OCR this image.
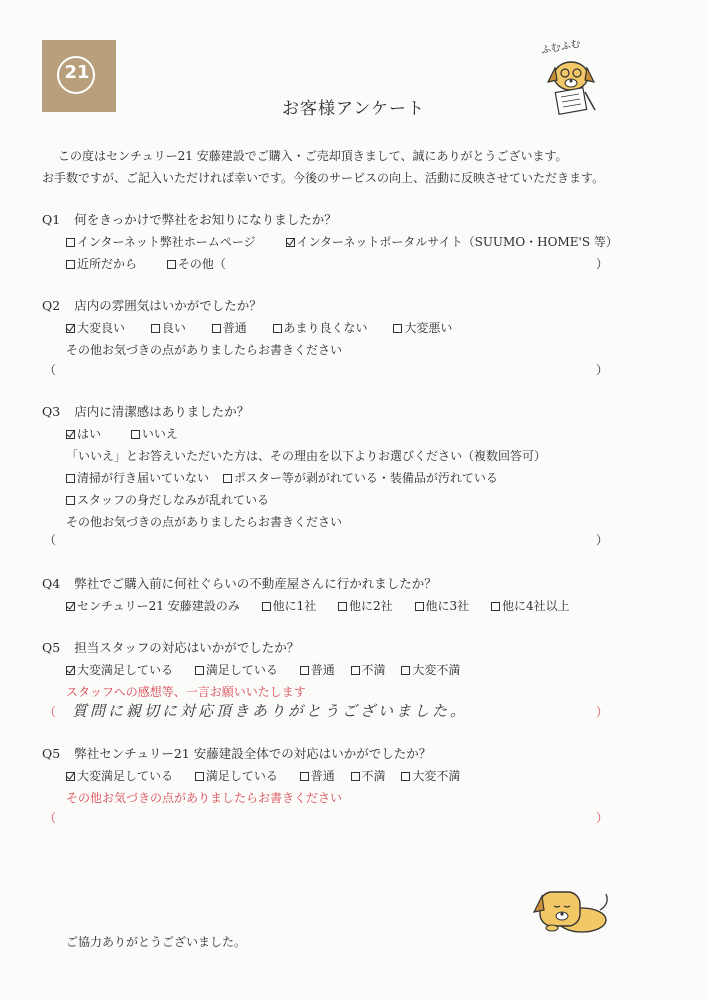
21
ふむふむ
お客様アンケート
この度はセンチュリー21 安藤建設でご購入・ご売却頂きまして、誠にありがとうございます。
お手数ですが、ご記入いただければ幸いです。今後のサービスの向上、活動に反映させていただきます。
Q1 何をきっかけで弊社をお知りになりましたか？
インターネット弊社ホームページ	インターネットポータルサイト（SUUMO・HOME'S 等）
近所だから	その他（	）
Q2 店内の雰囲気はいかがでしたか？
大変良い	良い	普通	あまり良くない	大変悪い
その他お気づきの点がありましたらお書きください
（	）
Q3 店内に清潔感はありましたか？
はい	いいえ
「いいえ」とお答えいただいた方は、その理由を以下よりお選びください（複数回答可）
清掃が行き届いていない ポスター等が剥がれている・装備品が汚れている
スタッフの身だしなみが乱れている
その他お気づきの点がありましたらお書きください
（	）
Q4 弊社でご購入前に何社ぐらいの不動産屋さんに行かれましたか？
センチュリー21 安藤建設のみ	他に1社	他に2社	他に3社	他に4社以上
Q5 担当スタッフの対応はいかがでしたか？
大変満足している	満足している	普通 不満 大変不満
スタッフへの感想等、一言お願いいたします
（ 質問に親切に対応頂きありがとうございました。	）
Q5 弊社センチュリー21 安藤建設全体での対応はいかがでしたか？
大変満足している	満足している	普通 不満 大変不満
その他お気づきの点がありましたらお書きください
（	）
ご協力ありがとうございました。
